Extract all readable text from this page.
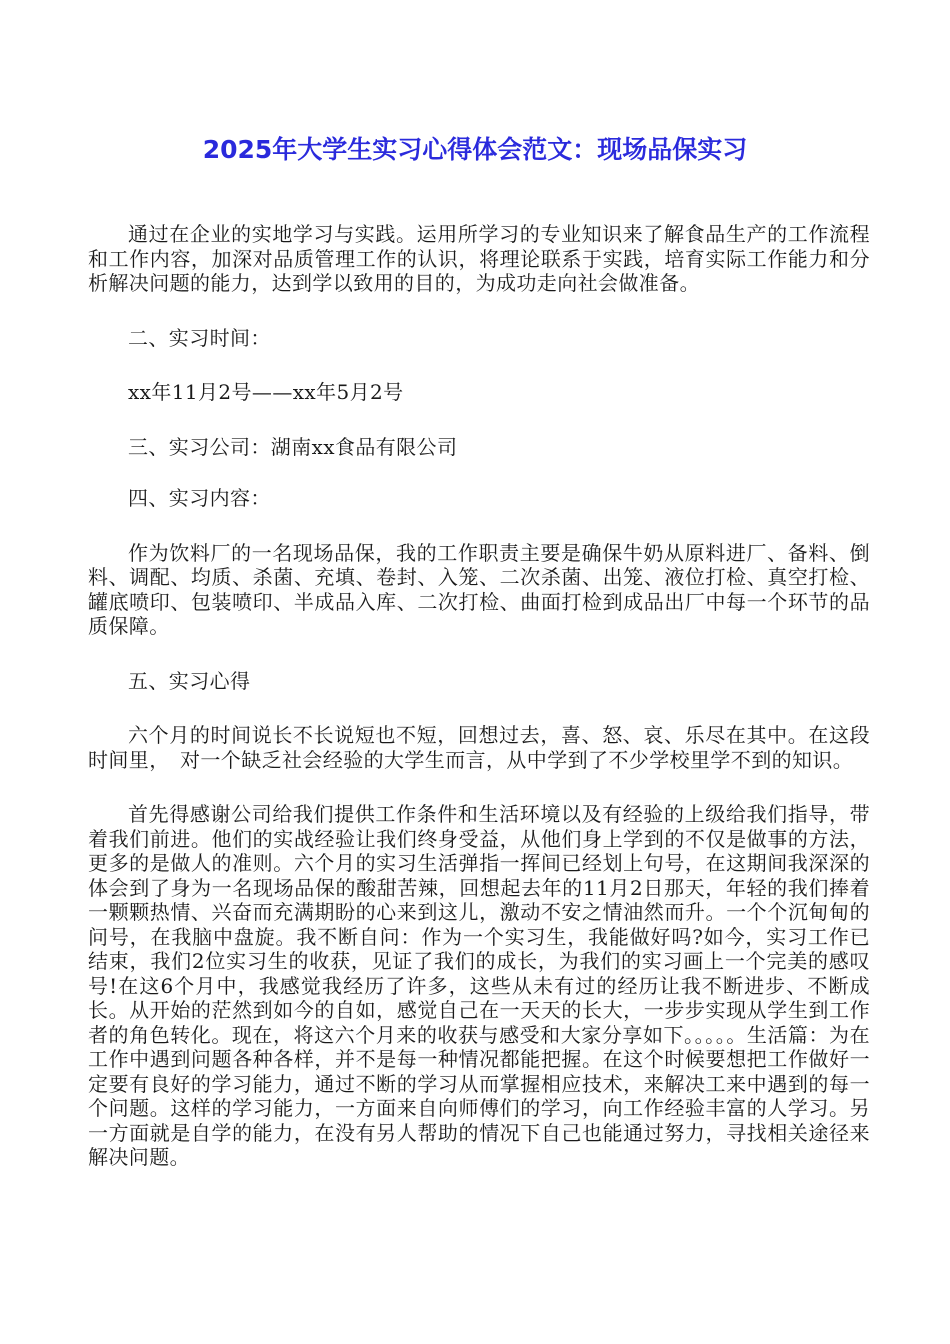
2025年大学生实习心得体会范文：现场品保实习

通过在企业的实地学习与实践。运用所学习的专业知识来了解食品生产的工作流程和工作内容，加深对品质管理工作的认识，将理论联系于实践，培育实际工作能力和分析解决问题的能力，达到学以致用的目的，为成功走向社会做准备。

二、实习时间：

xx年11月2号——xx年5月2号

三、实习公司：湖南xx食品有限公司

四、实习内容：

作为饮料厂的一名现场品保，我的工作职责主要是确保牛奶从原料进厂、备料、倒料、调配、均质、杀菌、充填、卷封、入笼、二次杀菌、出笼、液位打检、真空打检、罐底喷印、包装喷印、半成品入库、二次打检、曲面打检到成品出厂中每一个环节的品质保障。

五、实习心得

六个月的时间说长不长说短也不短，回想过去，喜、怒、哀、乐尽在其中。在这段时间里，　对一个缺乏社会经验的大学生而言，从中学到了不少学校里学不到的知识。

首先得感谢公司给我们提供工作条件和生活环境以及有经验的上级给我们指导，带着我们前进。他们的实战经验让我们终身受益，从他们身上学到的不仅是做事的方法，更多的是做人的准则。六个月的实习生活弹指一挥间已经划上句号，在这期间我深深的体会到了身为一名现场品保的酸甜苦辣，回想起去年的11月2日那天，年轻的我们捧着一颗颗热情、兴奋而充满期盼的心来到这儿，激动不安之情油然而升。一个个沉甸甸的问号，在我脑中盘旋。我不断自问：作为一个实习生，我能做好吗?如今，实习工作已结束，我们2位实习生的收获，见证了我们的成长，为我们的实习画上一个完美的感叹号!在这6个月中，我感觉我经历了许多，这些从未有过的经历让我不断进步、不断成长。从开始的茫然到如今的自如，感觉自己在一天天的长大，一步步实现从学生到工作者的角色转化。现在，将这六个月来的收获与感受和大家分享如下。。。。。生活篇：为在工作中遇到问题各种各样，并不是每一种情况都能把握。在这个时候要想把工作做好一定要有良好的学习能力，通过不断的学习从而掌握相应技术，来解决工来中遇到的每一个问题。这样的学习能力，一方面来自向师傅们的学习，向工作经验丰富的人学习。另一方面就是自学的能力，在没有另人帮助的情况下自己也能通过努力，寻找相关途径来解决问题。
